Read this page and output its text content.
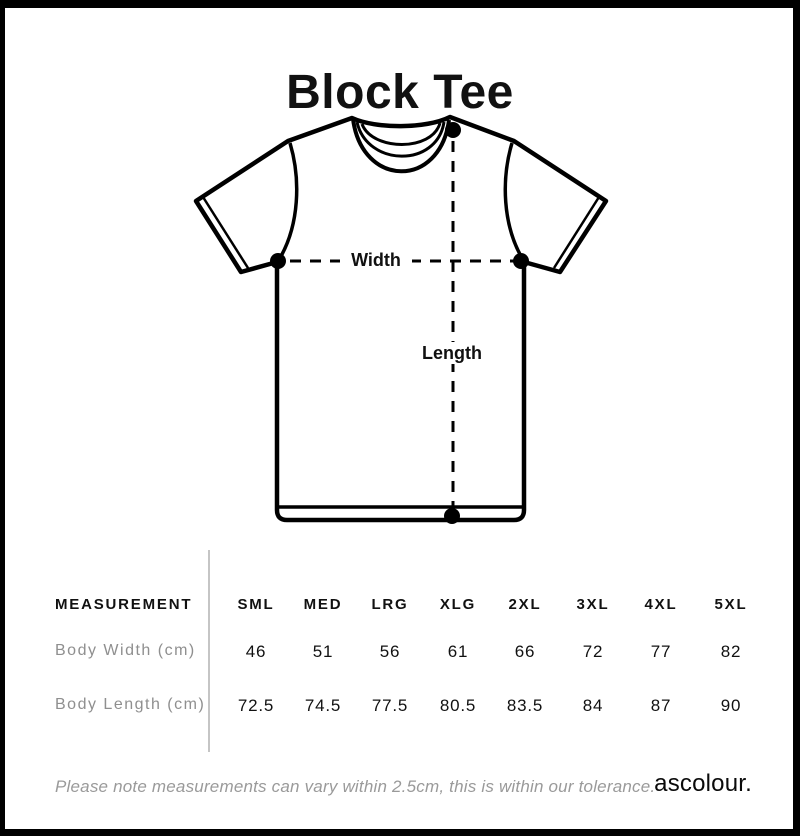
Block Tee
Width
Length
MEASUREMENT	SML	MED	LRG	XLG	2XL	3XL	4XL	5XL
Body Width (cm)	46	51	56	61	66	72	77	82
Body Length (cm)	72.5	74.5	77.5	80.5	83.5	84	87	90
Please note measurements can vary within 2.5cm, this is within our tolerance.
ascolour.
